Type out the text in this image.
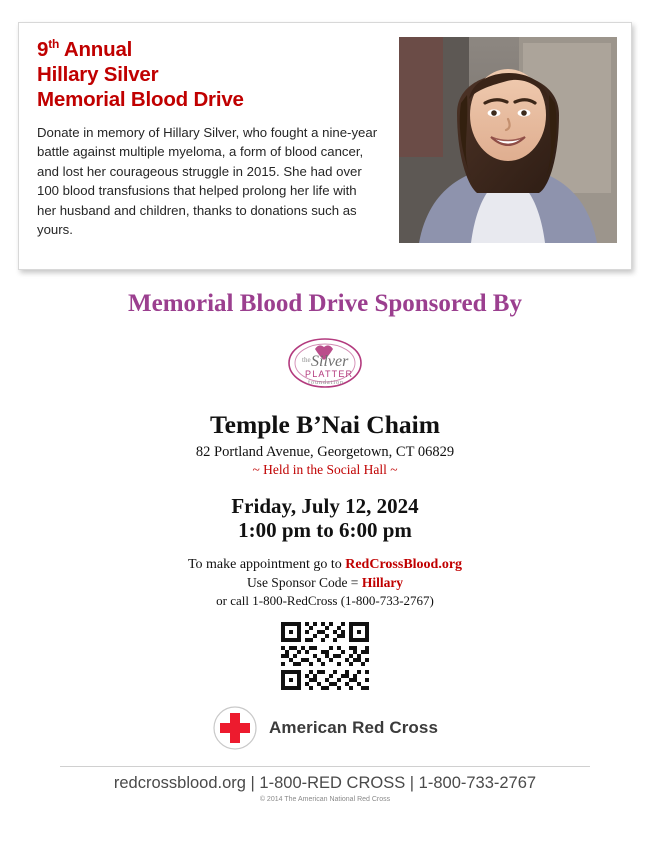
9th Annual
Hillary Silver
Memorial Blood Drive
Donate in memory of Hillary Silver, who fought a nine-year battle against multiple myeloma, a form of blood cancer, and lost her courageous struggle in 2015. She had over 100 blood transfusions that helped prolong her life with her husband and children, thanks to donations such as yours.
Memorial Blood Drive Sponsored By
the Silver
PLATTER
foundation
Temple B’Nai Chaim
82 Portland Avenue, Georgetown, CT 06829
~ Held in the Social Hall ~
Friday, July 12, 2024
1:00 pm to 6:00 pm
To make appointment go to RedCrossBlood.org
Use Sponsor Code = Hillary
or call 1-800-RedCross (1-800-733-2767)
American Red Cross
redcrossblood.org | 1-800-RED CROSS | 1-800-733-2767
© 2014 The American National Red Cross
